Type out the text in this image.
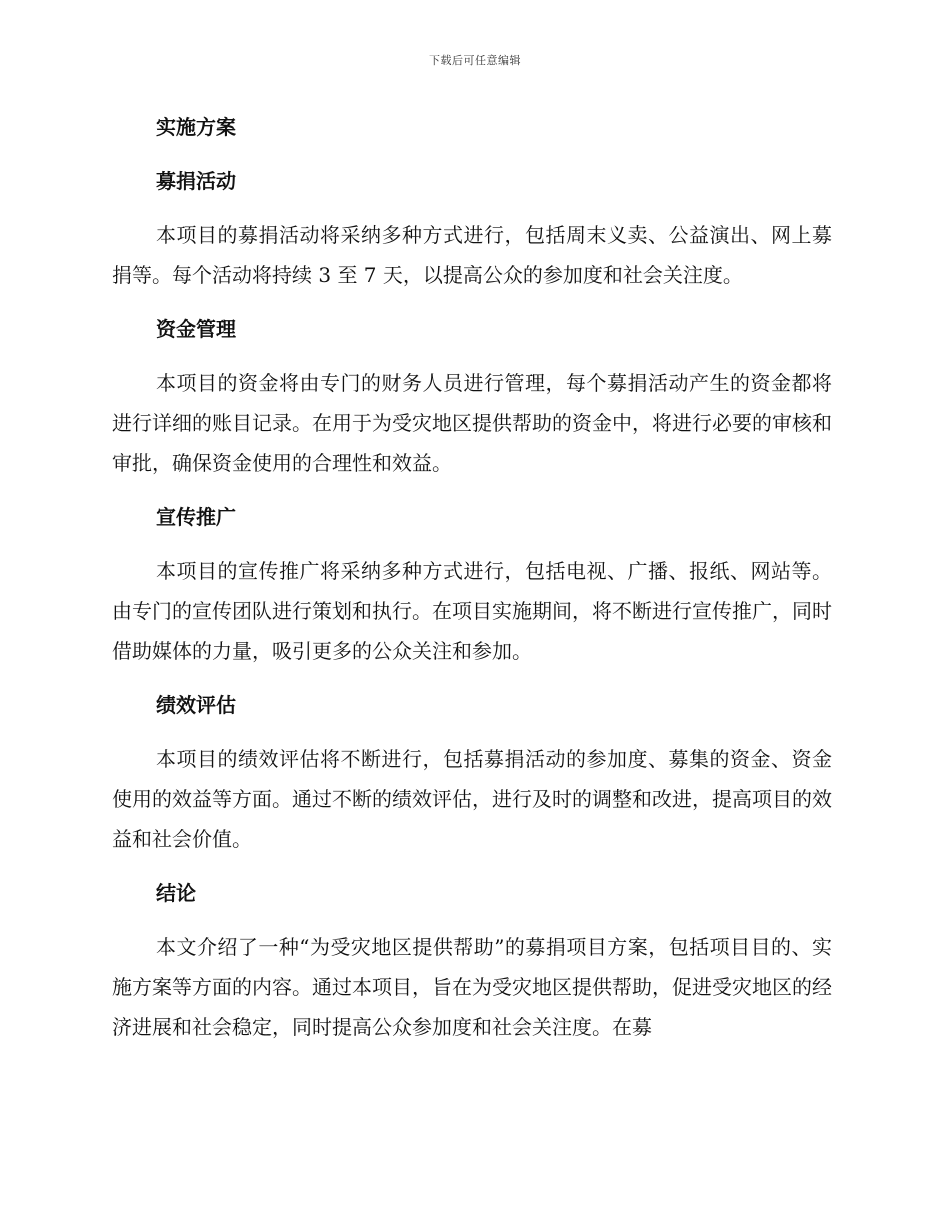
下载后可任意编辑
实施方案
募捐活动
本项目的募捐活动将采纳多种方式进行，包括周末义卖、公益演出、网上募捐等。每个活动将持续 3 至 7 天，以提高公众的参加度和社会关注度。
资金管理
本项目的资金将由专门的财务人员进行管理，每个募捐活动产生的资金都将进行详细的账目记录。在用于为受灾地区提供帮助的资金中，将进行必要的审核和审批，确保资金使用的合理性和效益。
宣传推广
本项目的宣传推广将采纳多种方式进行，包括电视、广播、报纸、网站等。由专门的宣传团队进行策划和执行。在项目实施期间，将不断进行宣传推广，同时借助媒体的力量，吸引更多的公众关注和参加。
绩效评估
本项目的绩效评估将不断进行，包括募捐活动的参加度、募集的资金、资金使用的效益等方面。通过不断的绩效评估，进行及时的调整和改进，提高项目的效益和社会价值。
结论
本文介绍了一种“为受灾地区提供帮助”的募捐项目方案，包括项目目的、实施方案等方面的内容。通过本项目，旨在为受灾地区提供帮助，促进受灾地区的经济进展和社会稳定，同时提高公众参加度和社会关注度。在募
